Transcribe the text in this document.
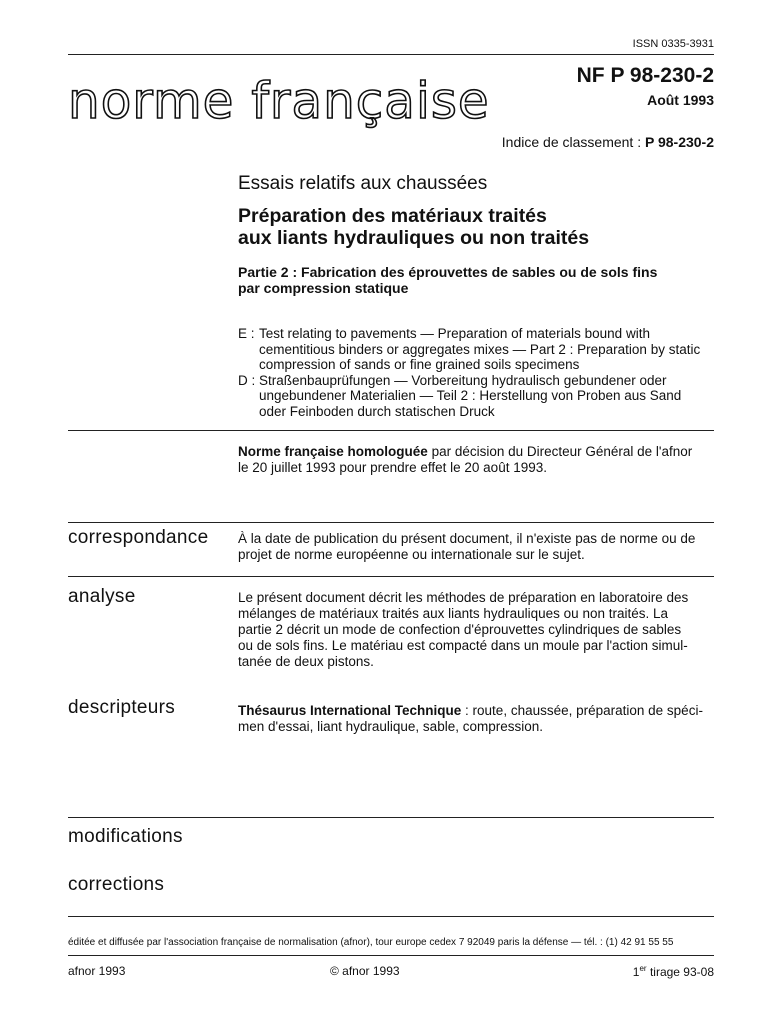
ISSN 0335-3931
norme française	NF P 98-230-2
Août 1993
Indice de classement : P 98-230-2
Essais relatifs aux chaussées
Préparation des matériaux traités
aux liants hydrauliques ou non traités
Partie 2 : Fabrication des éprouvettes de sables ou de sols fins
par compression statique
E : Test relating to pavements — Preparation of materials bound with
cementitious binders or aggregates mixes — Part 2 : Preparation by static
compression of sands or fine grained soils specimens
D : Straßenbauprüfungen — Vorbereitung hydraulisch gebundener oder
ungebundener Materialien — Teil 2 : Herstellung von Proben aus Sand
oder Feinboden durch statischen Druck
Norme française homologuée par décision du Directeur Général de l'afnor
le 20 juillet 1993 pour prendre effet le 20 août 1993.
correspondance À la date de publication du présent document, il n'existe pas de norme ou de
projet de norme européenne ou internationale sur le sujet.
analyse	Le présent document décrit les méthodes de préparation en laboratoire des
mélanges de matériaux traités aux liants hydrauliques ou non traités. La
partie 2 décrit un mode de confection d'éprouvettes cylindriques de sables
ou de sols fins. Le matériau est compacté dans un moule par l'action simul-
tanée de deux pistons.
descripteurs	Thésaurus International Technique : route, chaussée, préparation de spéci-
men d'essai, liant hydraulique, sable, compression.
modifications
corrections
éditée et diffusée par l'association française de normalisation (afnor), tour europe cedex 7 92049 paris la défense — tél. : (1) 42 91 55 55
afnor 1993	© afnor 1993	1er tirage 93-08
